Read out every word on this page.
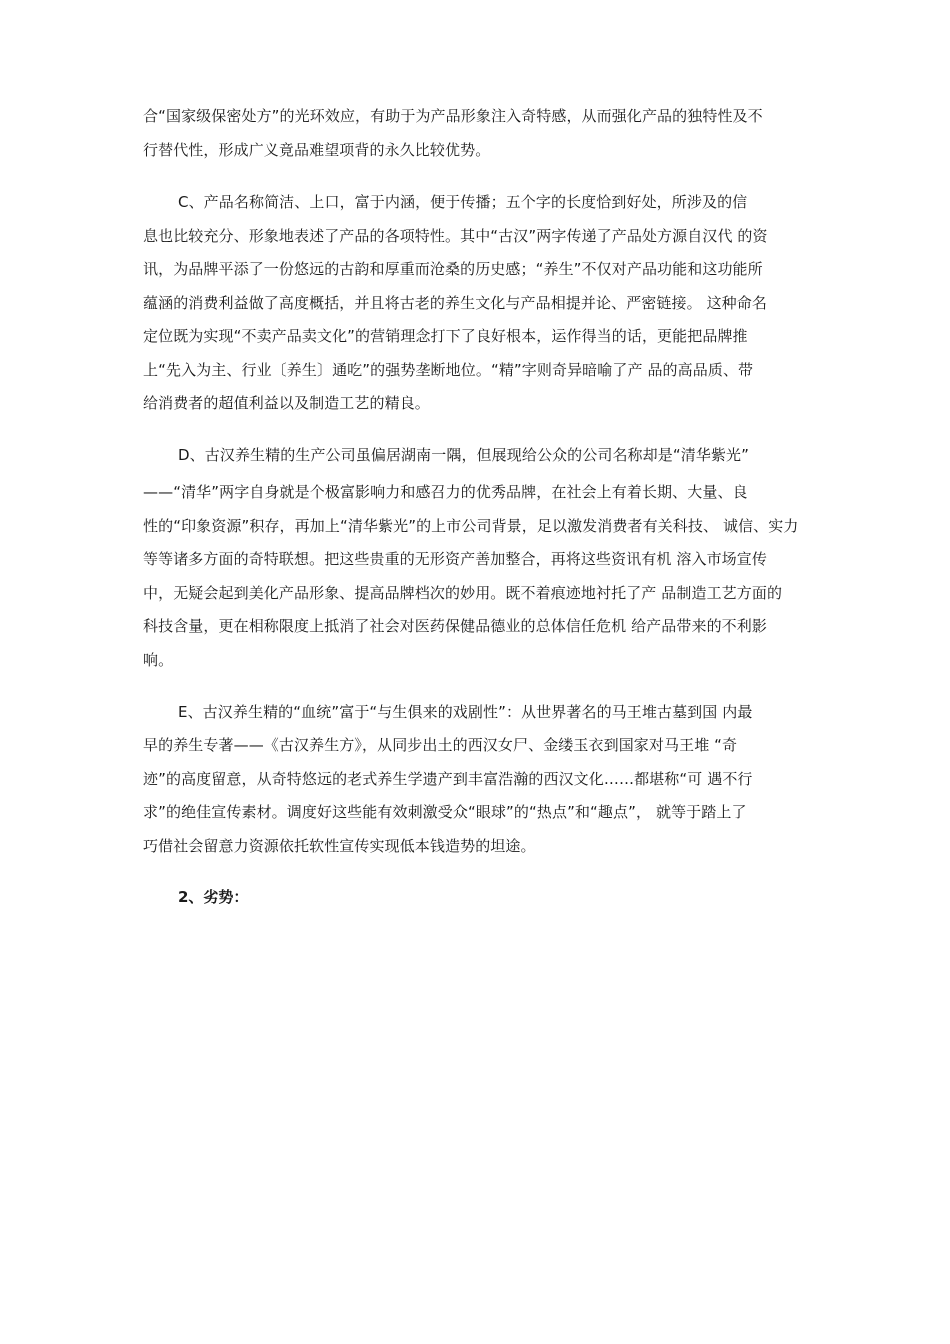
合“国家级保密处方”的光环效应，有助于为产品形象注入奇特感，从而强化产品的独特性及不
行替代性，形成广义竟品难望项背的永久比较优势。
C、产品名称简洁、上口，富于内涵，便于传播；五个字的长度恰到好处，所涉及的信
息也比较充分、形象地表述了产品的各项特性。其中“古汉”两字传递了产品处方源自汉代 的资
讯，为品牌平添了一份悠远的古韵和厚重而沧桑的历史感；“养生”不仅对产品功能和这功能所
蕴涵的消费利益做了高度概括，并且将古老的养生文化与产品相提并论、严密链接。 这种命名
定位既为实现“不卖产品卖文化”的营销理念打下了良好根本，运作得当的话，更能把品牌推
上“先入为主、行业〔养生〕通吃”的强势垄断地位。“精”字则奇异暗喻了产 品的高品质、带
给消费者的超值利益以及制造工艺的精良。
D、古汉养生精的生产公司虽偏居湖南一隅，但展现给公众的公司名称却是“清华紫光”
——“清华”两字自身就是个极富影响力和感召力的优秀品牌，在社会上有着长期、大量、良
性的“印象资源”积存，再加上“清华紫光”的上市公司背景，足以激发消费者有关科技、 诚信、实力
等等诸多方面的奇特联想。把这些贵重的无形资产善加整合，再将这些资讯有机 溶入市场宣传
中，无疑会起到美化产品形象、提高品牌档次的妙用。既不着痕迹地衬托了产 品制造工艺方面的
科技含量，更在相称限度上抵消了社会对医药保健品德业的总体信任危机 给产品带来的不利影
响。
E、古汉养生精的“血统”富于“与生俱来的戏剧性”：从世界著名的马王堆古墓到国 内最
早的养生专著——《古汉养生方》，从同步出土的西汉女尸、金缕玉衣到国家对马王堆 “奇
迹”的高度留意，从奇特悠远的老式养生学遗产到丰富浩瀚的西汉文化……都堪称“可 遇不行
求”的绝佳宣传素材。调度好这些能有效刺激受众“眼球”的“热点”和“趣点”， 就等于踏上了
巧借社会留意力资源依托软性宣传实现低本钱造势的坦途。
2、劣势：
